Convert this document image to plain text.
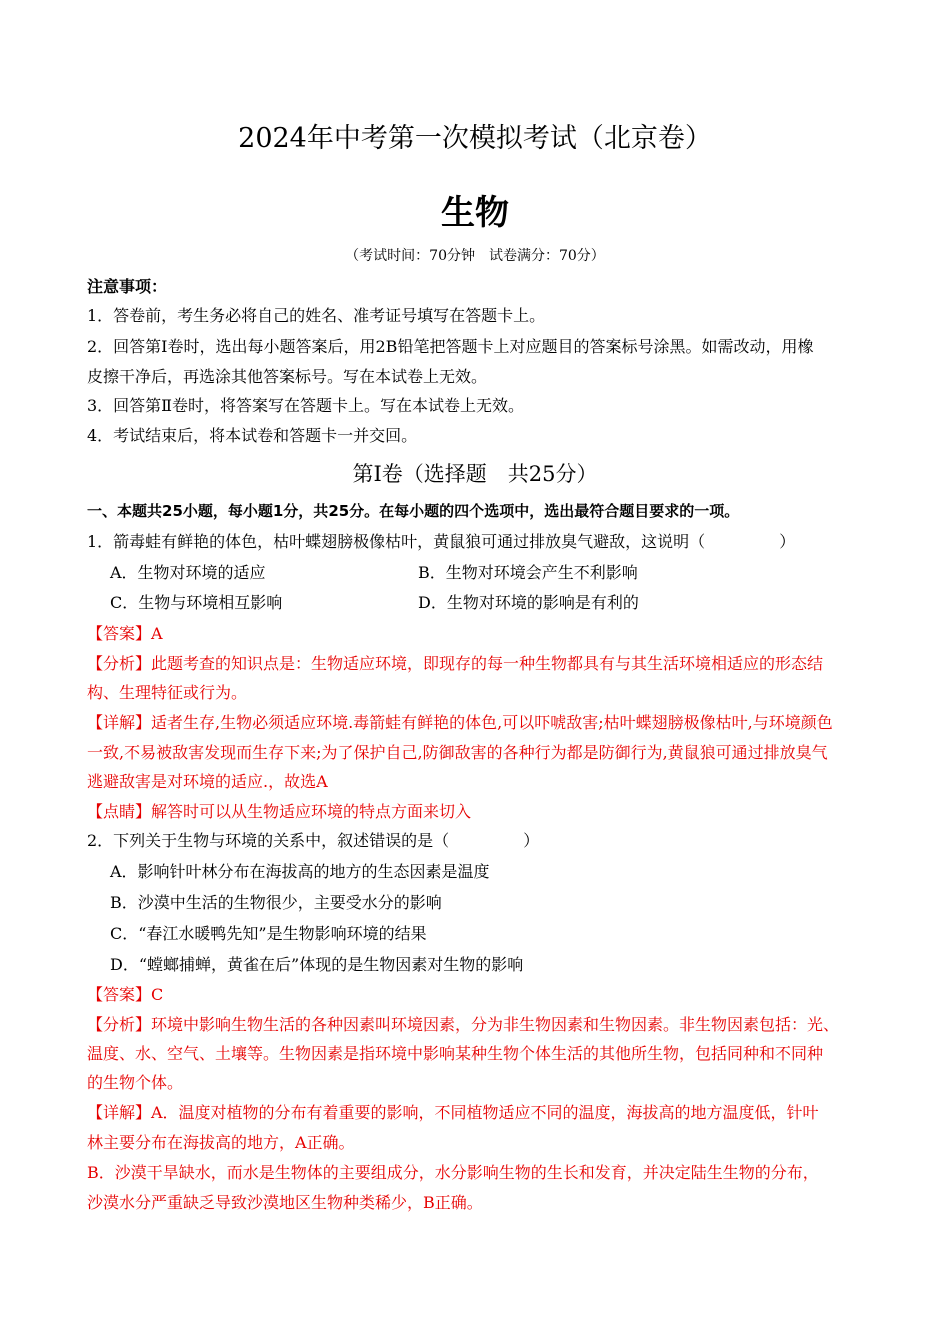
2024年中考第一次模拟考试（北京卷）
生物
（考试时间：70分钟　试卷满分：70分）
注意事项：
1．答卷前，考生务必将自己的姓名、准考证号填写在答题卡上。
2．回答第Ⅰ卷时，选出每小题答案后，用2B铅笔把答题卡上对应题目的答案标号涂黑。如需改动，用橡
皮擦干净后，再选涂其他答案标号。写在本试卷上无效。
3．回答第Ⅱ卷时，将答案写在答题卡上。写在本试卷上无效。
4．考试结束后，将本试卷和答题卡一并交回。
第Ⅰ卷（选择题　共25分）
一、本题共25小题，每小题1分，共25分。在每小题的四个选项中，选出最符合题目要求的一项。
1．箭毒蛙有鲜艳的体色，枯叶蝶翅膀极像枯叶，黄鼠狼可通过排放臭气避敌，这说明（	）
A．生物对环境的适应	B．生物对环境会产生不利影响
C．生物与环境相互影响	D．生物对环境的影响是有利的
【答案】A
【分析】此题考查的知识点是：生物适应环境，即现存的每一种生物都具有与其生活环境相适应的形态结
构、生理特征或行为。
【详解】适者生存,生物必须适应环境.毒箭蛙有鲜艳的体色,可以吓唬敌害;枯叶蝶翅膀极像枯叶,与环境颜色
一致,不易被敌害发现而生存下来;为了保护自己,防御敌害的各种行为都是防御行为,黄鼠狼可通过排放臭气
逃避敌害是对环境的适应.，故选A
【点睛】解答时可以从生物适应环境的特点方面来切入
2．下列关于生物与环境的关系中，叙述错误的是（	）
A．影响针叶林分布在海拔高的地方的生态因素是温度
B．沙漠中生活的生物很少，主要受水分的影响
C．“春江水暖鸭先知”是生物影响环境的结果
D．“螳螂捕蝉，黄雀在后”体现的是生物因素对生物的影响
【答案】C
【分析】环境中影响生物生活的各种因素叫环境因素，分为非生物因素和生物因素。非生物因素包括：光、
温度、水、空气、土壤等。生物因素是指环境中影响某种生物个体生活的其他所生物，包括同种和不同种
的生物个体。
【详解】A．温度对植物的分布有着重要的影响，不同植物适应不同的温度，海拔高的地方温度低，针叶
林主要分布在海拔高的地方，A正确。
B．沙漠干旱缺水，而水是生物体的主要组成分，水分影响生物的生长和发育，并决定陆生生物的分布，
沙漠水分严重缺乏导致沙漠地区生物种类稀少，B正确。
